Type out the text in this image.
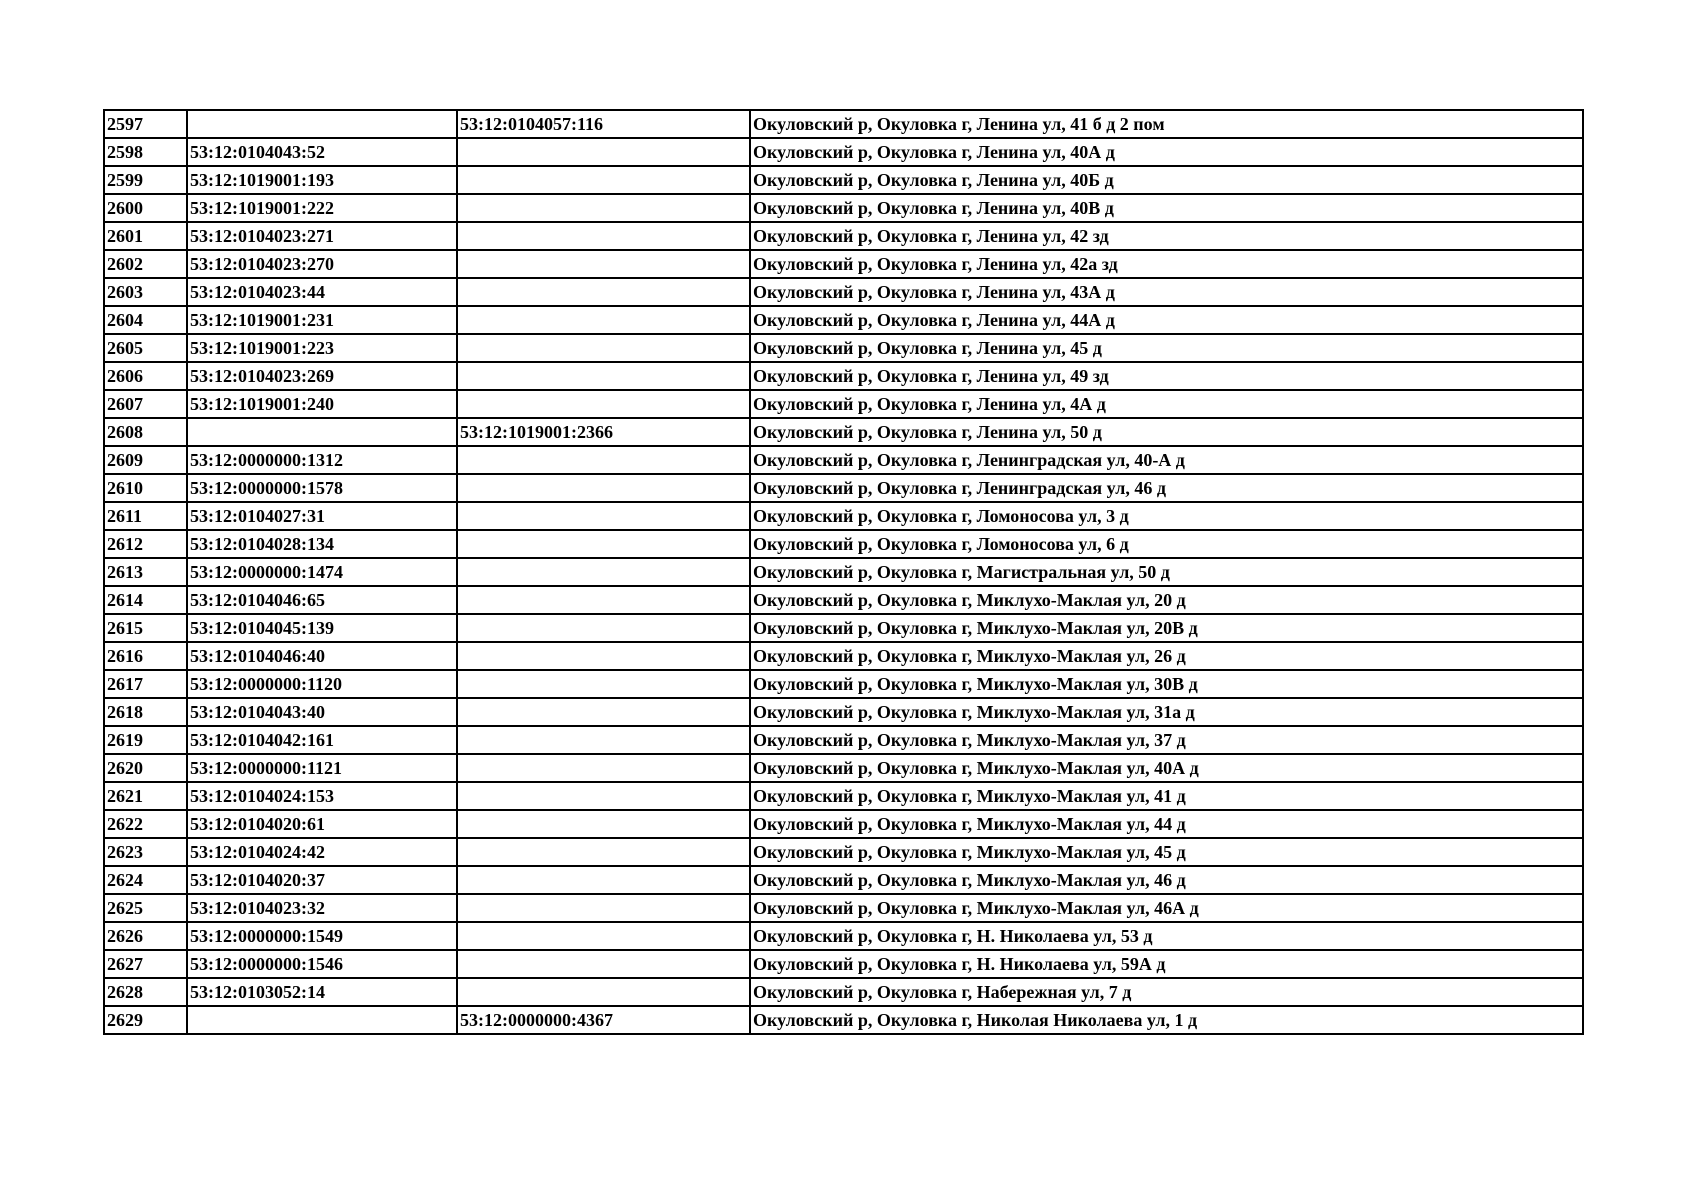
2597		53:12:0104057:116	Окуловский р, Окуловка г, Ленина ул, 41 б д 2 пом
2598	53:12:0104043:52		Окуловский р, Окуловка г, Ленина ул, 40А д
2599	53:12:1019001:193		Окуловский р, Окуловка г, Ленина ул, 40Б д
2600	53:12:1019001:222		Окуловский р, Окуловка г, Ленина ул, 40В д
2601	53:12:0104023:271		Окуловский р, Окуловка г, Ленина ул, 42 зд
2602	53:12:0104023:270		Окуловский р, Окуловка г, Ленина ул, 42а зд
2603	53:12:0104023:44		Окуловский р, Окуловка г, Ленина ул, 43А д
2604	53:12:1019001:231		Окуловский р, Окуловка г, Ленина ул, 44А д
2605	53:12:1019001:223		Окуловский р, Окуловка г, Ленина ул, 45 д
2606	53:12:0104023:269		Окуловский р, Окуловка г, Ленина ул, 49 зд
2607	53:12:1019001:240		Окуловский р, Окуловка г, Ленина ул, 4А д
2608		53:12:1019001:2366	Окуловский р, Окуловка г, Ленина ул, 50 д
2609	53:12:0000000:1312		Окуловский р, Окуловка г, Ленинградская ул, 40-А д
2610	53:12:0000000:1578		Окуловский р, Окуловка г, Ленинградская ул, 46 д
2611	53:12:0104027:31		Окуловский р, Окуловка г, Ломоносова ул, 3 д
2612	53:12:0104028:134		Окуловский р, Окуловка г, Ломоносова ул, 6 д
2613	53:12:0000000:1474		Окуловский р, Окуловка г, Магистральная ул, 50 д
2614	53:12:0104046:65		Окуловский р, Окуловка г, Миклухо-Маклая ул, 20 д
2615	53:12:0104045:139		Окуловский р, Окуловка г, Миклухо-Маклая ул, 20В д
2616	53:12:0104046:40		Окуловский р, Окуловка г, Миклухо-Маклая ул, 26 д
2617	53:12:0000000:1120		Окуловский р, Окуловка г, Миклухо-Маклая ул, 30В д
2618	53:12:0104043:40		Окуловский р, Окуловка г, Миклухо-Маклая ул, 31а д
2619	53:12:0104042:161		Окуловский р, Окуловка г, Миклухо-Маклая ул, 37 д
2620	53:12:0000000:1121		Окуловский р, Окуловка г, Миклухо-Маклая ул, 40А д
2621	53:12:0104024:153		Окуловский р, Окуловка г, Миклухо-Маклая ул, 41 д
2622	53:12:0104020:61		Окуловский р, Окуловка г, Миклухо-Маклая ул, 44 д
2623	53:12:0104024:42		Окуловский р, Окуловка г, Миклухо-Маклая ул, 45 д
2624	53:12:0104020:37		Окуловский р, Окуловка г, Миклухо-Маклая ул, 46 д
2625	53:12:0104023:32		Окуловский р, Окуловка г, Миклухо-Маклая ул, 46А д
2626	53:12:0000000:1549		Окуловский р, Окуловка г, Н. Николаева ул, 53 д
2627	53:12:0000000:1546		Окуловский р, Окуловка г, Н. Николаева ул, 59А д
2628	53:12:0103052:14		Окуловский р, Окуловка г, Набережная ул, 7 д
2629		53:12:0000000:4367	Окуловский р, Окуловка г, Николая Николаева ул, 1 д
